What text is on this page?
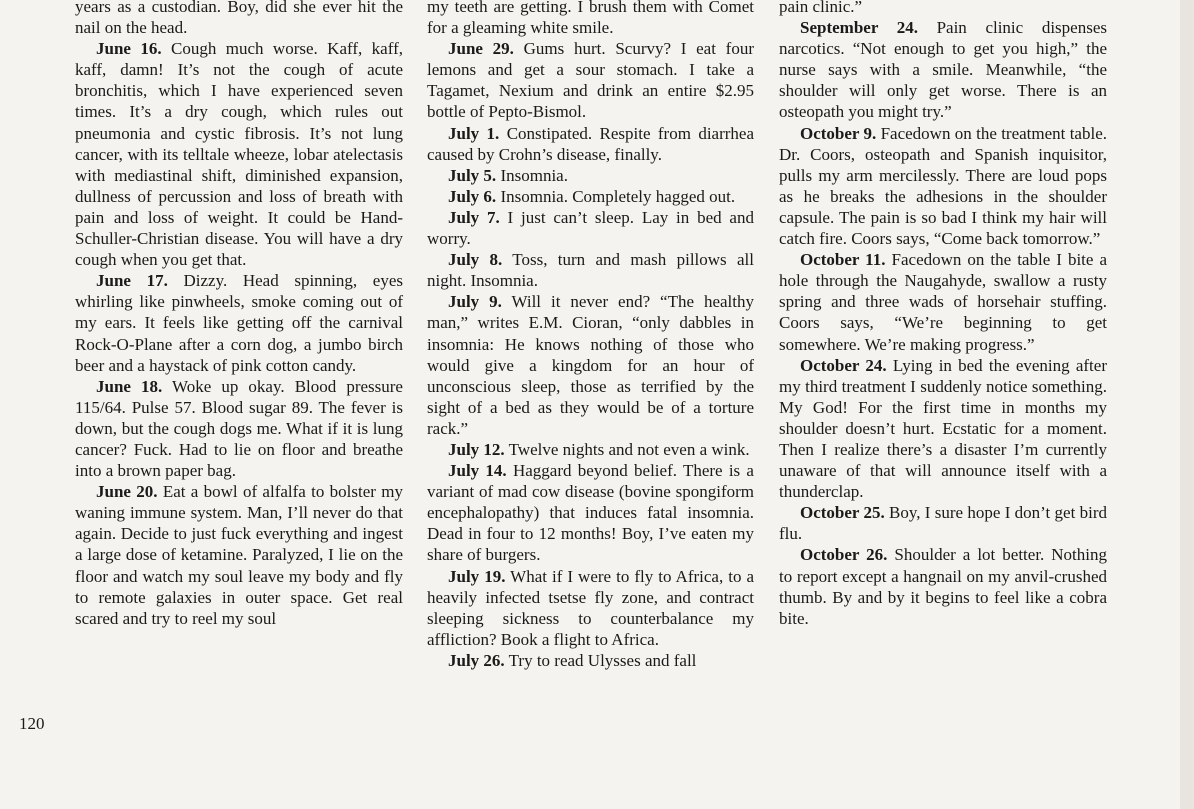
120

years as a custodian. Boy, did she ever hit the nail on the head.

June 16. Cough much worse. Kaff, kaff, kaff, damn! It’s not the cough of acute bronchitis, which I have experienced seven times. It’s a dry cough, which rules out pneumonia and cystic fibrosis. It’s not lung cancer, with its telltale wheeze, lobar atelectasis with mediastinal shift, diminished expansion, dullness of percussion and loss of breath with pain and loss of weight. It could be Hand-Schuller-Christian disease. You will have a dry cough when you get that.

June 17. Dizzy. Head spinning, eyes whirling like pinwheels, smoke coming out of my ears. It feels like getting off the carnival Rock-O-Plane after a corn dog, a jumbo birch beer and a haystack of pink cotton candy.

June 18. Woke up okay. Blood pressure 115/64. Pulse 57. Blood sugar 89. The fever is down, but the cough dogs me. What if it is lung cancer? Fuck. Had to lie on floor and breathe into a brown paper bag.

June 20. Eat a bowl of alfalfa to bolster my waning immune system. Man, I’ll never do that again. Decide to just fuck everything and ingest a large dose of ketamine. Paralyzed, I lie on the floor and watch my soul leave my body and fly to remote galaxies in outer space. Get real scared and try to reel my soul

my teeth are getting. I brush them with Comet for a gleaming white smile.

June 29. Gums hurt. Scurvy? I eat four lemons and get a sour stomach. I take a Tagamet, Nexium and drink an entire $2.95 bottle of Pepto-Bismol.

July 1. Constipated. Respite from diarrhea caused by Crohn’s disease, finally.

July 5. Insomnia.

July 6. Insomnia. Completely hagged out.

July 7. I just can’t sleep. Lay in bed and worry.

July 8. Toss, turn and mash pillows all night. Insomnia.

July 9. Will it never end? “The healthy man,” writes E.M. Cioran, “only dabbles in insomnia: He knows nothing of those who would give a kingdom for an hour of unconscious sleep, those as terrified by the sight of a bed as they would be of a torture rack.”

July 12. Twelve nights and not even a wink.

July 14. Haggard beyond belief. There is a variant of mad cow disease (bovine spongiform encephalopathy) that induces fatal insomnia. Dead in four to 12 months! Boy, I’ve eaten my share of burgers.

July 19. What if I were to fly to Africa, to a heavily infected tsetse fly zone, and contract sleeping sickness to counterbalance my affliction? Book a flight to Africa.

July 26. Try to read Ulysses and fall

pain clinic.”

September 24. Pain clinic dispenses narcotics. “Not enough to get you high,” the nurse says with a smile. Meanwhile, “the shoulder will only get worse. There is an osteopath you might try.”

October 9. Facedown on the treatment table. Dr. Coors, osteopath and Spanish inquisitor, pulls my arm mercilessly. There are loud pops as he breaks the adhesions in the shoulder capsule. The pain is so bad I think my hair will catch fire. Coors says, “Come back tomorrow.”

October 11. Facedown on the table I bite a hole through the Naugahyde, swallow a rusty spring and three wads of horsehair stuffing. Coors says, “We’re beginning to get somewhere. We’re making progress.”

October 24. Lying in bed the evening after my third treatment I suddenly notice something. My God! For the first time in months my shoulder doesn’t hurt. Ecstatic for a moment. Then I realize there’s a disaster I’m currently unaware of that will announce itself with a thunderclap.

October 25. Boy, I sure hope I don’t get bird flu.

October 26. Shoulder a lot better. Nothing to report except a hangnail on my anvil-crushed thumb. By and by it begins to feel like a cobra bite.
